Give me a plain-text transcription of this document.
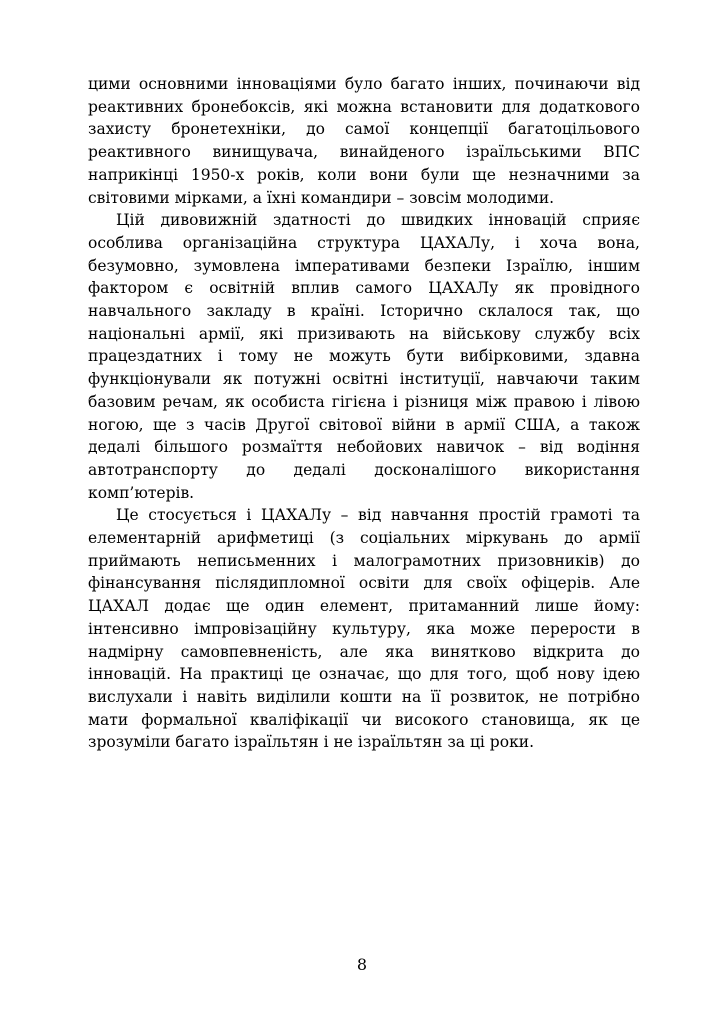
цими основними інноваціями було багато інших, починаючи від реактивних бронебоксів, які можна встановити для додаткового захисту бронетехніки, до самої концепції багатоцільового реактивного винищувача, винайденого ізраїльськими ВПС наприкінці 1950-х років, коли вони були ще незначними за світовими мірками, а їхні командири – зовсім молодими.

Цій дивовижній здатності до швидких інновацій сприяє особлива організаційна структура ЦАХАЛу, і хоча вона, безумовно, зумовлена імперативами безпеки Ізраїлю, іншим фактором є освітній вплив самого ЦАХАЛу як провідного навчального закладу в країні. Історично склалося так, що національні армії, які призивають на військову службу всіх працездатних і тому не можуть бути вибірковими, здавна функціонували як потужні освітні інституції, навчаючи таким базовим речам, як особиста гігієна і різниця між правою і лівою ногою, ще з часів Другої світової війни в армії США, а також дедалі більшого розмаїття небойових навичок – від водіння автотранспорту до дедалі досконалішого використання комп’ютерів.

Це стосується і ЦАХАЛу – від навчання простій грамоті та елементарній арифметиці (з соціальних міркувань до армії приймають неписьменних і малограмотних призовників) до фінансування післядипломної освіти для своїх офіцерів. Але ЦАХАЛ додає ще один елемент, притаманний лише йому: інтенсивно імпровізаційну культуру, яка може перерости в надмірну самовпевненість, але яка винятково відкрита до інновацій. На практиці це означає, що для того, щоб нову ідею вислухали і навіть виділили кошти на її розвиток, не потрібно мати формальної кваліфікації чи високого становища, як це зрозуміли багато ізраїльтян і не ізраїльтян за ці роки.

8
